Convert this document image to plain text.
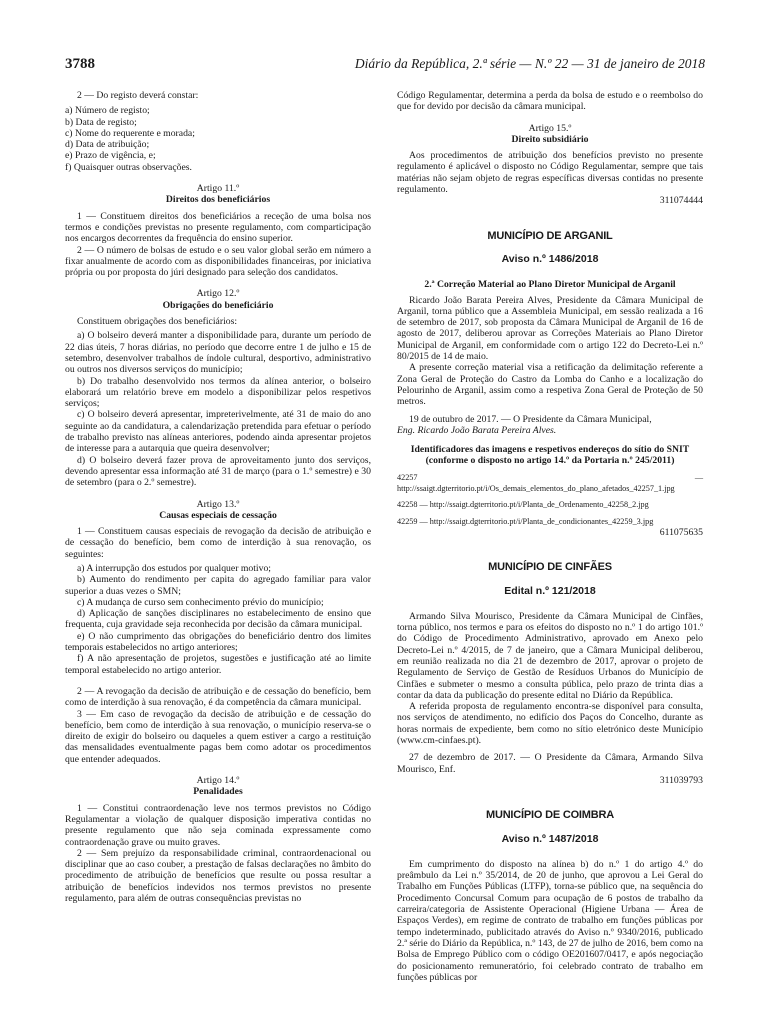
3788	Diário da República, 2.ª série — N.º 22 — 31 de janeiro de 2018

2 — Do registo deverá constar:

a) Número de registo;

b) Data de registo;

c) Nome do requerente e morada;

d) Data de atribuição;

e) Prazo de vigência, e;

f) Quaisquer outras observações.

Artigo 11.º

Direitos dos beneficiários

1 — Constituem direitos dos beneficiários a receção de uma bolsa nos termos e condições previstas no presente regulamento, com comparticipação nos encargos decorrentes da frequência do ensino superior.

2 — O número de bolsas de estudo e o seu valor global serão em número a fixar anualmente de acordo com as disponibilidades financeiras, por iniciativa própria ou por proposta do júri designado para seleção dos candidatos.

Artigo 12.º

Obrigações do beneficiário

Constituem obrigações dos beneficiários:

a) O bolseiro deverá manter a disponibilidade para, durante um período de 22 dias úteis, 7 horas diárias, no período que decorre entre 1 de julho e 15 de setembro, desenvolver trabalhos de índole cultural, desportivo, administrativo ou outros nos diversos serviços do município;

b) Do trabalho desenvolvido nos termos da alínea anterior, o bolseiro elaborará um relatório breve em modelo a disponibilizar pelos respetivos serviços;

c) O bolseiro deverá apresentar, impreterivelmente, até 31 de maio do ano seguinte ao da candidatura, a calendarização pretendida para efetuar o período de trabalho previsto nas alíneas anteriores, podendo ainda apresentar projetos de interesse para a autarquia que queira desenvolver;

d) O bolseiro deverá fazer prova de aproveitamento junto dos serviços, devendo apresentar essa informação até 31 de março (para o 1.º semestre) e 30 de setembro (para o 2.º semestre).

Artigo 13.º

Causas especiais de cessação

1 — Constituem causas especiais de revogação da decisão de atribuição e de cessação do benefício, bem como de interdição à sua renovação, os seguintes:

a) A interrupção dos estudos por qualquer motivo;

b) Aumento do rendimento per capita do agregado familiar para valor superior a duas vezes o SMN;

c) A mudança de curso sem conhecimento prévio do município;

d) Aplicação de sanções disciplinares no estabelecimento de ensino que frequenta, cuja gravidade seja reconhecida por decisão da câmara municipal.

e) O não cumprimento das obrigações do beneficiário dentro dos limites temporais estabelecidos no artigo anteriores;

f) A não apresentação de projetos, sugestões e justificação até ao limite temporal estabelecido no artigo anterior.

2 — A revogação da decisão de atribuição e de cessação do benefício, bem como de interdição à sua renovação, é da competência da câmara municipal.

3 — Em caso de revogação da decisão de atribuição e de cessação do benefício, bem como de interdição à sua renovação, o município reserva-se o direito de exigir do bolseiro ou daqueles a quem estiver a cargo a restituição das mensalidades eventualmente pagas bem como adotar os procedimentos que entender adequados.

Artigo 14.º

Penalidades

1 — Constitui contraordenação leve nos termos previstos no Código Regulamentar a violação de qualquer disposição imperativa contidas no presente regulamento que não seja cominada expressamente como contraordenação grave ou muito graves.

2 — Sem prejuízo da responsabilidade criminal, contraordenacional ou disciplinar que ao caso couber, a prestação de falsas declarações no âmbito do procedimento de atribuição de benefícios que resulte ou possa resultar a atribuição de benefícios indevidos nos termos previstos no presente regulamento, para além de outras consequências previstas no

Código Regulamentar, determina a perda da bolsa de estudo e o reembolso do que for devido por decisão da câmara municipal.

Artigo 15.º

Direito subsidiário

Aos procedimentos de atribuição dos benefícios previsto no presente regulamento é aplicável o disposto no Código Regulamentar, sempre que tais matérias não sejam objeto de regras específicas diversas contidas no presente regulamento.

311074444

MUNICÍPIO DE ARGANIL

Aviso n.º 1486/2018

2.ª Correção Material ao Plano Diretor Municipal de Arganil

Ricardo João Barata Pereira Alves, Presidente da Câmara Municipal de Arganil, torna público que a Assembleia Municipal, em sessão realizada a 16 de setembro de 2017, sob proposta da Câmara Municipal de Arganil de 16 de agosto de 2017, deliberou aprovar as Correções Materiais ao Plano Diretor Municipal de Arganil, em conformidade com o artigo 122 do Decreto-Lei n.º 80/2015 de 14 de maio.

A presente correção material visa a retificação da delimitação referente a Zona Geral de Proteção do Castro da Lomba do Canho e a localização do Pelourinho de Arganil, assim como a respetiva Zona Geral de Proteção de 50 metros.

19 de outubro de 2017. — O Presidente da Câmara Municipal,

Eng. Ricardo João Barata Pereira Alves.

Identificadores das imagens e respetivos endereços do sítio do SNIT (conforme o disposto no artigo 14.º da Portaria n.º 245/2011)

42257 — http://ssaigt.dgterritorio.pt/i/Os_demais_elementos_do_plano_afetados_42257_1.jpg

42258 — http://ssaigt.dgterritorio.pt/i/Planta_de_Ordenamento_42258_2.jpg

42259 — http://ssaigt.dgterritorio.pt/i/Planta_de_condicionantes_42259_3.jpg

611075635

MUNICÍPIO DE CINFÃES

Edital n.º 121/2018

Armando Silva Mourisco, Presidente da Câmara Municipal de Cinfães, torna público, nos termos e para os efeitos do disposto no n.º 1 do artigo 101.º do Código de Procedimento Administrativo, aprovado em Anexo pelo Decreto-Lei n.º 4/2015, de 7 de janeiro, que a Câmara Municipal deliberou, em reunião realizada no dia 21 de dezembro de 2017, aprovar o projeto de Regulamento de Serviço de Gestão de Resíduos Urbanos do Município de Cinfães e submeter o mesmo a consulta pública, pelo prazo de trinta dias a contar da data da publicação do presente edital no Diário da República.

A referida proposta de regulamento encontra-se disponível para consulta, nos serviços de atendimento, no edifício dos Paços do Concelho, durante as horas normais de expediente, bem como no sítio eletrónico deste Município (www.cm-cinfaes.pt).

27 de dezembro de 2017. — O Presidente da Câmara, Armando Silva Mourisco, Enf.

311039793

MUNICÍPIO DE COIMBRA

Aviso n.º 1487/2018

Em cumprimento do disposto na alínea b) do n.º 1 do artigo 4.º do preâmbulo da Lei n.º 35/2014, de 20 de junho, que aprovou a Lei Geral do Trabalho em Funções Públicas (LTFP), torna-se público que, na sequência do Procedimento Concursal Comum para ocupação de 6 postos de trabalho da carreira/categoria de Assistente Operacional (Higiene Urbana — Área de Espaços Verdes), em regime de contrato de trabalho em funções públicas por tempo indeterminado, publicitado através do Aviso n.º 9340/2016, publicado 2.ª série do Diário da República, n.º 143, de 27 de julho de 2016, bem como na Bolsa de Emprego Público com o código OE201607/0417, e após negociação do posicionamento remuneratório, foi celebrado contrato de trabalho em funções públicas por
